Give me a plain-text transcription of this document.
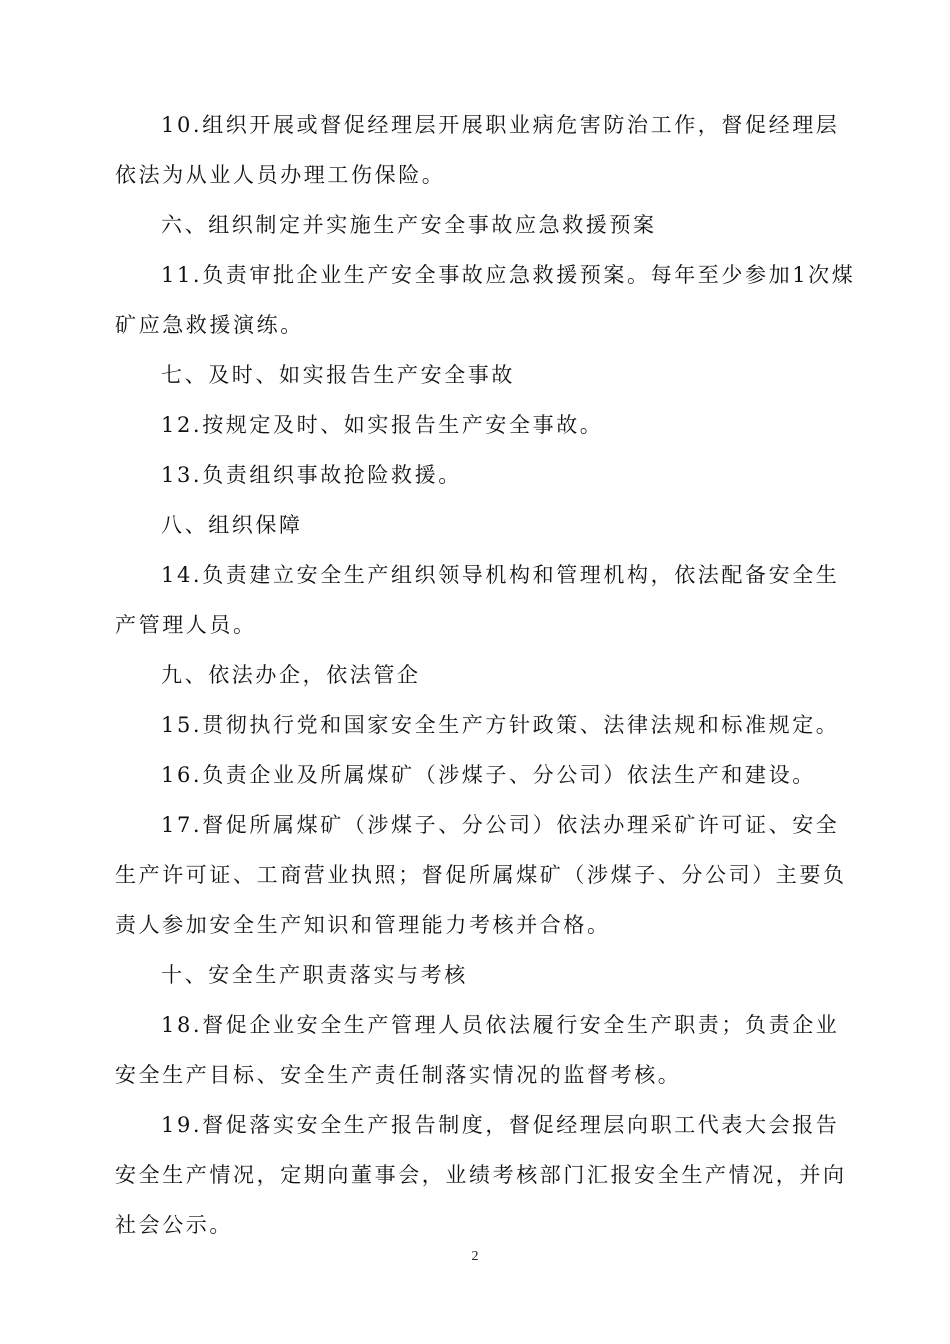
10.组织开展或督促经理层开展职业病危害防治工作，督促经理层依法为从业人员办理工伤保险。

六、组织制定并实施生产安全事故应急救援预案

11.负责审批企业生产安全事故应急救援预案。每年至少参加1次煤矿应急救援演练。

七、及时、如实报告生产安全事故

12.按规定及时、如实报告生产安全事故。

13.负责组织事故抢险救援。

八、组织保障

14.负责建立安全生产组织领导机构和管理机构，依法配备安全生产管理人员。

九、依法办企，依法管企

15.贯彻执行党和国家安全生产方针政策、法律法规和标准规定。

16.负责企业及所属煤矿（涉煤子、分公司）依法生产和建设。

17.督促所属煤矿（涉煤子、分公司）依法办理采矿许可证、安全生产许可证、工商营业执照；督促所属煤矿（涉煤子、分公司）主要负责人参加安全生产知识和管理能力考核并合格。

十、安全生产职责落实与考核

18.督促企业安全生产管理人员依法履行安全生产职责；负责企业安全生产目标、安全生产责任制落实情况的监督考核。

19.督促落实安全生产报告制度，督促经理层向职工代表大会报告安全生产情况，定期向董事会，业绩考核部门汇报安全生产情况，并向社会公示。

2
